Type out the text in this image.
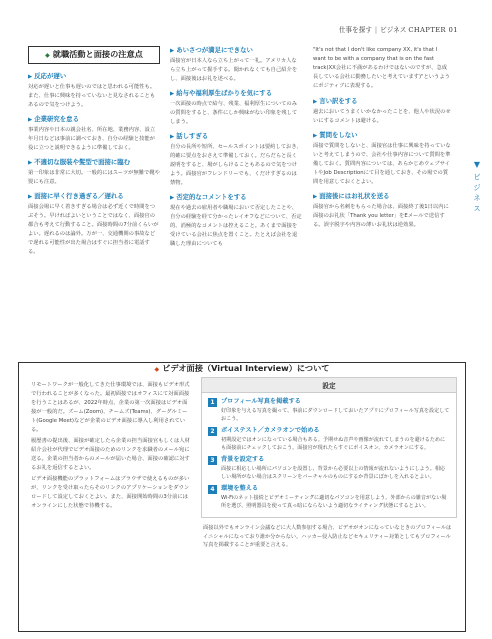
仕事を探す | ビジネス CHAPTER 01
▼
ビジネス
◆ 就職活動と面接の注意点
▶ 反応が遅い

対応が遅いと仕事も遅いのではと思われる可能性も。また、仕事に興味を持っていないと見なされることもあるので気をつけよう。

▶ 企業研究を怠る

事業内容や日本の親会社名、所在地、業務内容、設立年月日などは事前に調べておき、自分の経験と技能が役に立つと説明できるように準備しておく。

▶ 不適切な服装や髪型で面接に臨む

第一印象は非常に大切。一般的にはスーツが無難で靴や髪にも注意。

▶ 面接に早く行き過ぎる／遅れる

面接会場に早く着きすぎる場合は必ず近くで時間をつぶそう。早ければよいということではなく、面接官の都合も考えて行動すること。面接時間の7分前くらいがよい。遅れるのは論外。万が一、交通機関の事故などで遅れる可能性が出た場合はすぐに担当者に電話する。

▶ あいさつが満足にできない

面接官が日本人なら立ち上がって一礼。アメリカ人なら立ち上がって握手する。聞かれなくても自己紹介をし、面接後はお礼を述べる。

▶ 給与や福利厚生ばかりを気にする

一次面接の時点で給与、残業、福利厚生についてのみの質問をすると、条件にしか興味がない印象を残してしまう。

▶ 話しすぎる

自分の長所や短所、セールスポイントは要約しておき、的確に要点をおさえて準備しておく。だらだらと長く説明をすると、場がしらけることもあるので気をつけよう。面接官がフレンドリーでも、くだけすぎるのは禁物。

▶ 否定的なコメントをする

現在や過去の雇用者や職場において否定したことや、自分の経験を経て分かったレイオフなどについて、否定的、消極的なコメントは控えること。あくまで面接を受けている会社に焦点を置くこと。たとえば会社を退職した理由についても

"It's not that I don't like company XX, it's that I want to be with a company that is on the fast track(XX会社に不満があるわけではないのですが、急成長している会社に勤務したいと考えています)"というようにポジティブに表現する。

▶ 言い訳をする

過去においてうまくいかなかったことを、他人や状況のせいにするコメントは避ける。

▶ 質問をしない

面接で質問をしないと、面接官は仕事に興味を持っていないと考えてしまうので、会社や仕事内容について質問を準備しておく。質問内容については、あらかじめウェブサイトやJob Descriptionにて目を通しておき、その場での質問を用意しておくとよい。

▶ 面接後にはお礼状を送る

面接官から名刺をもらった場合は、面接終了後1日以内に面接のお礼状「Thank you letter」をEメールで送信する。誤字脱字や内容の薄いお礼状は逆効果。

◆ ビデオ面接（Virtual Interview）について

リモートワークが一般化してきた仕事環境では、面接もビデオ形式で行われることが多くなった。最初面接ではオフィスにて対面面接を行うことはあるが、2022年時点、企業の第一次面接はビデオ面接が一般的だ。ズーム(Zoom)、チームズ(Teams)、グーグルミート(Google Meet)などが企業のビデオ面接に導入し利用されている。

履歴書の提出後、面接が確定したら企業の担当面接官もしくは人材紹介会社が代理でビデオ面接のためのリンクを求職者のメール宛に送る。企業の担当者からのメールが届いた場合、面接の確認に対するお礼を返信するとよい。

ビデオ面接機能のプラットフォームはブラウザで使えるものが多いが、リンクを受け取ったらそのリンクのアプリケーションをダウンロードして設定しておくとよい。また、面接開始時間の3分前にはオンラインにした状態で待機する。

設定
1	プロフィール写真を掲載する
好印象を与える写真を撮って、事前にダウンロードしておいたアプリにプロフィール写真を設定しておこう。
2	ボイステスト／カメラオンで始める
初期設定ではオンになっている場合もある。予期せぬ音声や画像が流れてしまうのを避けるためにも面接前にチェックしておこう。面接官が現れたらすぐにボイスオン、カメラオンにする。
3	背景を設定する
面接に相応しい場所にパソコンを設置し、背景から必要以上の情報が流れないようにしよう。相応しい場所がない場合はスクリーンをバーチャルのものにするか背景にぼかしを入れるとよい。
4	環境を整える
Wi-Fiのネット接続とビデオミーティングに適切なパソコンを用意しよう。外部からの雑音がない場所を選び、照明器具を使って真っ暗にならないよう適切なライティング状態にするとよい。

面接以外でもオンライン会議などに大人数参加する場合、ビデオがオンになっていなときのプロフィールはイニシャルになっており誰か分からない。ハッカー侵入防止などセキュリティー対策としてもプロフィール写真を掲載することが重要と言える。
